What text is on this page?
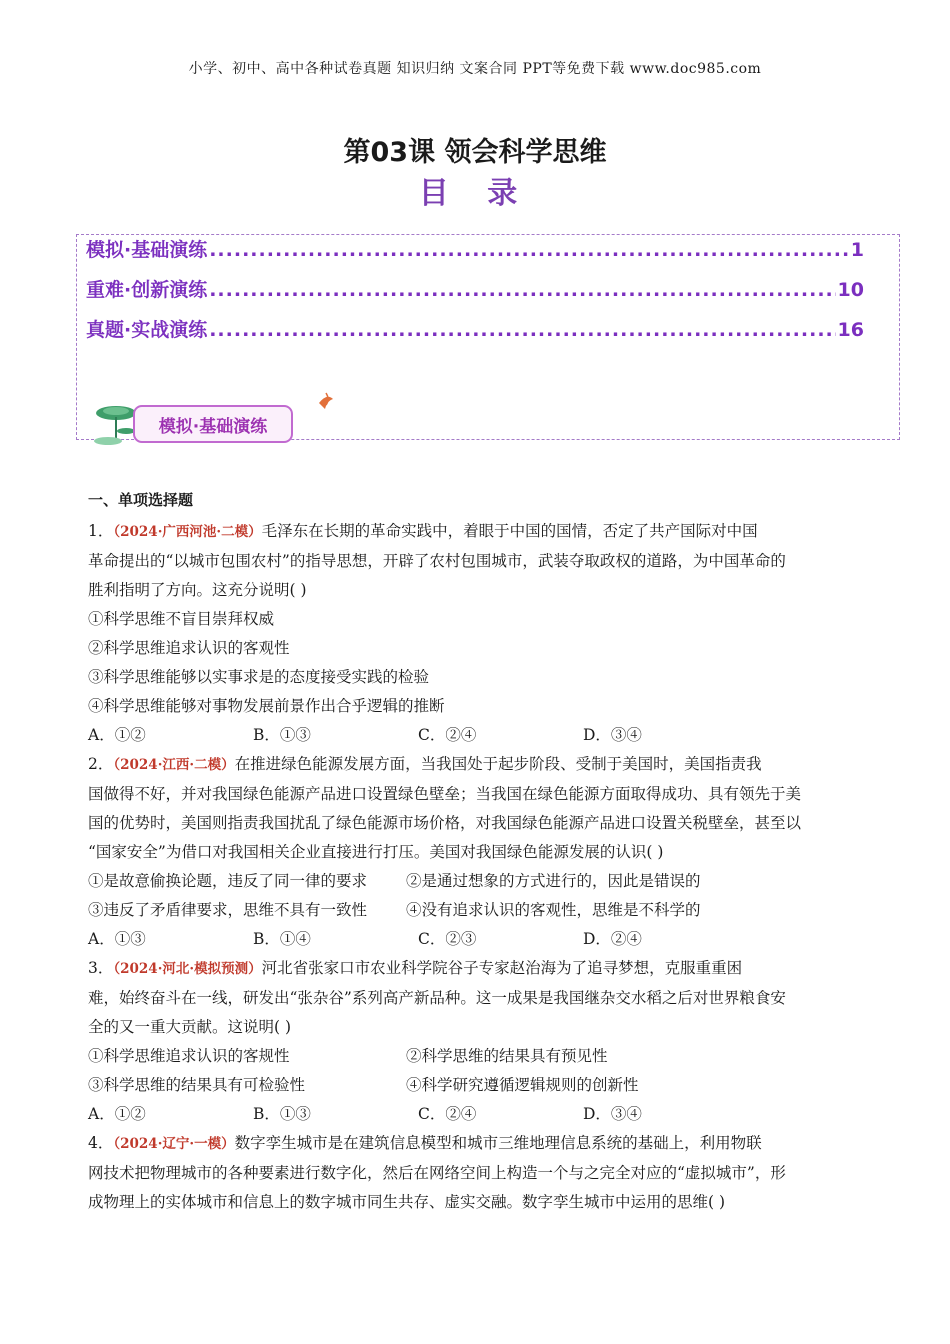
小学、初中、高中各种试卷真题 知识归纳 文案合同 PPT等免费下载 www.doc985.com
第03课 领会科学思维
目 录
模拟·基础演练 .....	1
重难·创新演练 .....	10
真题·实战演练 .....	16
模拟·基础演练
一、单项选择题
1．（2024·广西河池·二模）毛泽东在长期的革命实践中，着眼于中国的国情，否定了共产国际对中国
革命提出的“以城市包围农村”的指导思想，开辟了农村包围城市，武装夺取政权的道路，为中国革命的
胜利指明了方向。这充分说明( )
①科学思维不盲目崇拜权威
②科学思维追求认识的客观性
③科学思维能够以实事求是的态度接受实践的检验
④科学思维能够对事物发展前景作出合乎逻辑的推断
A．①②	B．①③	C．②④	D．③④
2．（2024·江西·二模）在推进绿色能源发展方面，当我国处于起步阶段、受制于美国时，美国指责我
国做得不好，并对我国绿色能源产品进口设置绿色壁垒；当我国在绿色能源方面取得成功、具有领先于美
国的优势时，美国则指责我国扰乱了绿色能源市场价格，对我国绿色能源产品进口设置关税壁垒，甚至以
“国家安全”为借口对我国相关企业直接进行打压。美国对我国绿色能源发展的认识( )
①是故意偷换论题，违反了同一律的要求	②是通过想象的方式进行的，因此是错误的
③违反了矛盾律要求，思维不具有一致性	④没有追求认识的客观性，思维是不科学的
A．①③	B．①④	C．②③	D．②④
3．（2024·河北·模拟预测）河北省张家口市农业科学院谷子专家赵治海为了追寻梦想，克服重重困
难，始终奋斗在一线，研发出“张杂谷”系列高产新品种。这一成果是我国继杂交水稻之后对世界粮食安
全的又一重大贡献。这说明( )
①科学思维追求认识的客规性	②科学思维的结果具有预见性
③科学思维的结果具有可检验性	④科学研究遵循逻辑规则的创新性
A．①②	B．①③	C．②④	D．③④
4．（2024·辽宁·一模）数字孪生城市是在建筑信息模型和城市三维地理信息系统的基础上，利用物联
网技术把物理城市的各种要素进行数字化，然后在网络空间上构造一个与之完全对应的“虚拟城市”，形
成物理上的实体城市和信息上的数字城市同生共存、虚实交融。数字孪生城市中运用的思维( )
